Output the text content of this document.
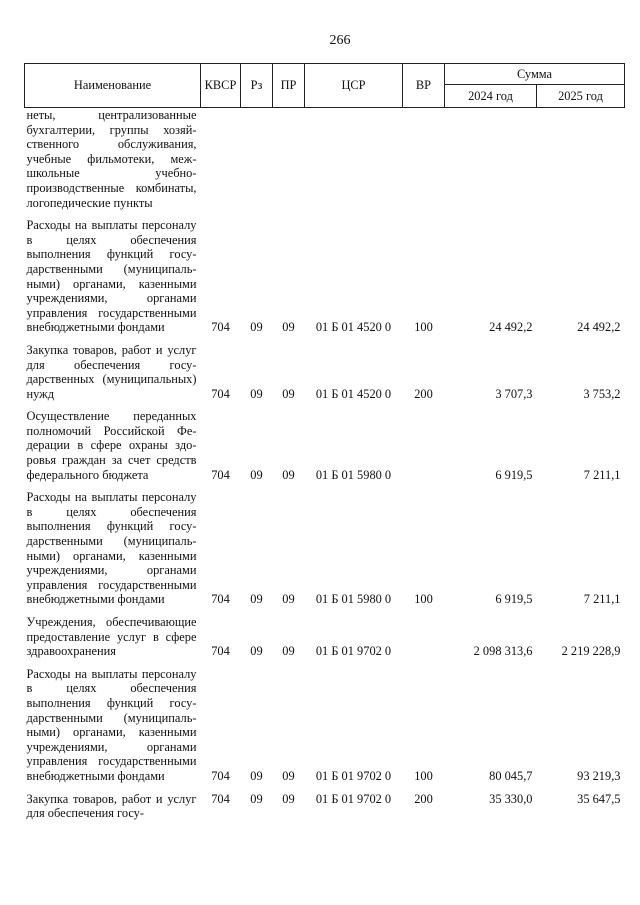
266
Наименование	КВСР	Рз	ПР	ЦСР	ВР	Сумма	
						2024 год	2025 год
неты, централизованные бухгалтерии, группы хозяйственного обслуживания, учебные фильмотеки, межшкольные учебно-производственные комбинаты, логопедические пункты							
Расходы на выплаты персоналу в целях обеспечения выполнения функций государственными (муниципальными) органами, казенными учреждениями, органами управления государственными внебюджетными фондами	704	09	09	01 Б 01 4520 0	100	24 492,2	24 492,2
Закупка товаров, работ и услуг для обеспечения государственных (муниципальных) нужд	704	09	09	01 Б 01 4520 0	200	3 707,3	3 753,2
Осуществление переданных полномочий Российской Федерации в сфере охраны здоровья граждан за счет средств федерального бюджета	704	09	09	01 Б 01 5980 0		6 919,5	7 211,1
Расходы на выплаты персоналу в целях обеспечения выполнения функций государственными (муниципальными) органами, казенными учреждениями, органами управления государственными внебюджетными фондами	704	09	09	01 Б 01 5980 0	100	6 919,5	7 211,1
Учреждения, обеспечивающие предоставление услуг в сфере здравоохранения	704	09	09	01 Б 01 9702 0		2 098 313,6	2 219 228,9
Расходы на выплаты персоналу в целях обеспечения выполнения функций государственными (муниципальными) органами, казенными учреждениями, органами управления государственными внебюджетными фондами	704	09	09	01 Б 01 9702 0	100	80 045,7	93 219,3
Закупка товаров, работ и услуг для обеспечения госу-	704	09	09	01 Б 01 9702 0	200	35 330,0	35 647,5
